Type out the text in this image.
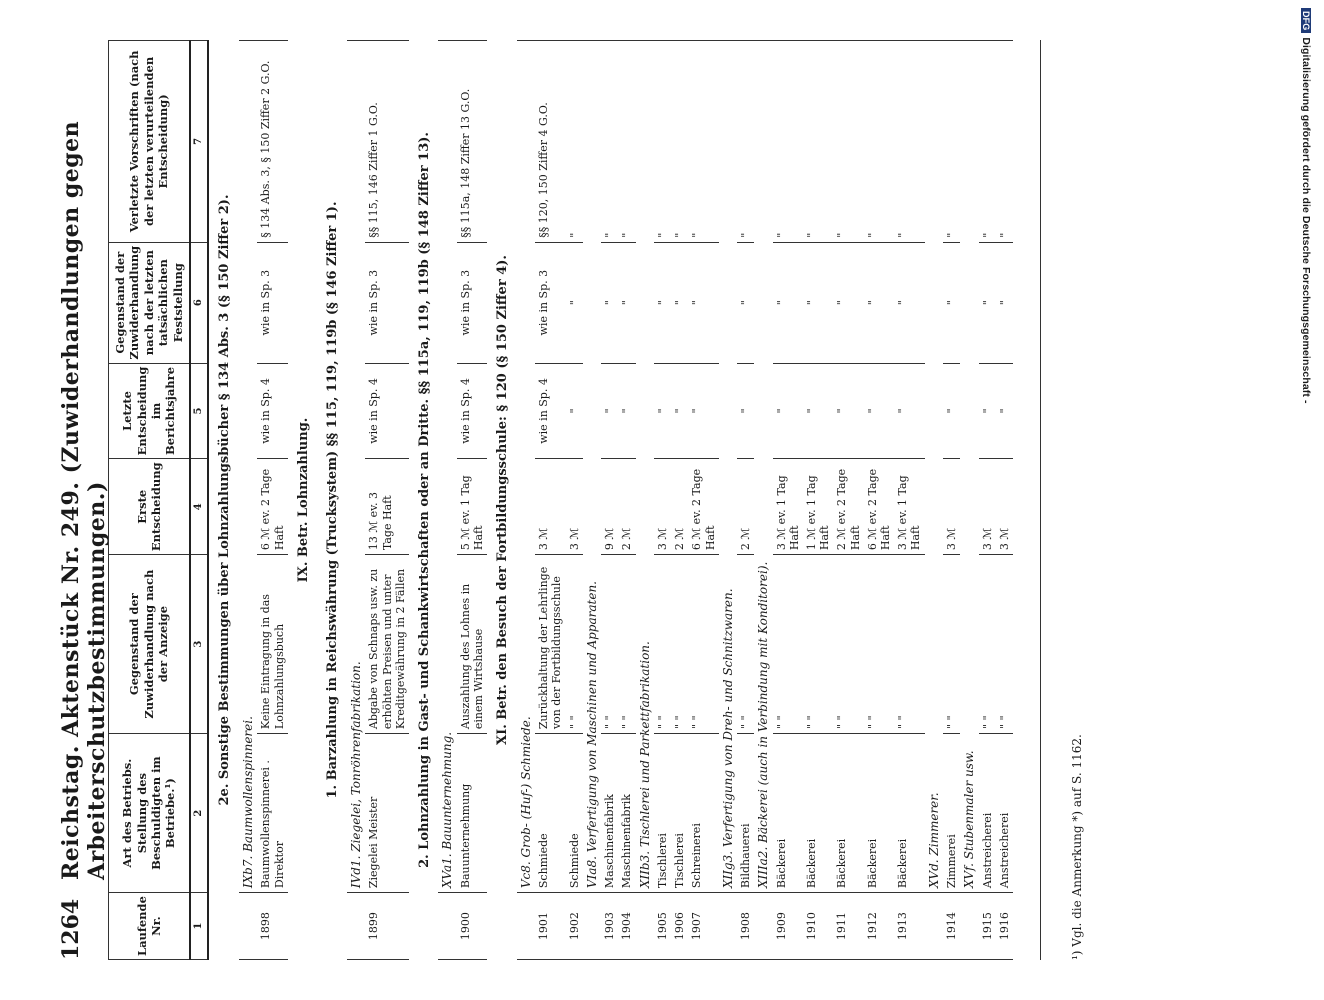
DFGDigitalisierung gefördert durch die Deutsche Forschungsgemeinschaft -
1264
Reichstag. Aktenstück Nr. 249. (Zuwiderhandlungen gegen Arbeiterschutzbestimmungen.)
Laufende Nr.	Art des Betriebs. Stellung des Beschuldigten im Betriebe.¹)	Gegenstand der Zuwiderhandlung nach der Anzeige	Erste Entscheidung	Letzte Entscheidung im Berichtsjahre	Gegenstand der Zuwiderhandlung nach der letzten tatsächlichen Feststellung	Verletzte Vorschriften (nach der letzten verurteilenden Entscheidung)
1	2	3	4	5	6	7
2e. Sonstige Bestimmungen über Lohnzahlungsbücher § 134 Abs. 3 (§ 150 Ziffer 2).						
	IXb7. Baumwollenspinnerei.					
1898	Baumwollenspinnerei . Direktor	Keine Eintragung in das Lohnzahlungsbuch	6 ℳ ev. 2 Tage Haft	wie in Sp. 4	wie in Sp. 3	§ 134 Abs. 3, § 150 Ziffer 2 G.O.
IX. Betr. Lohnzahlung.						
1. Barzahlung in Reichswährung (Trucksystem) §§ 115, 119, 119b (§ 146 Ziffer 1).						
	IVd1. Ziegelei, Tonröhrenfabrikation.					
1899	Ziegelei Meister	Abgabe von Schnaps usw. zu erhöhten Preisen und unter Kreditgewährung in 2 Fällen	13 ℳ ev. 3 Tage Haft	wie in Sp. 4	wie in Sp. 3	§§ 115, 146 Ziffer 1 G.O.
2. Lohnzahlung in Gast- und Schankwirtschaften oder an Dritte. §§ 115a, 119, 119b (§ 148 Ziffer 13).						
	XVa1. Bauunternehmung.					
1900	Bauunternehmung	Auszahlung des Lohnes in einem Wirtshause	5 ℳ ev. 1 Tag Haft	wie in Sp. 4	wie in Sp. 3	§§ 115a, 148 Ziffer 13 G.O.
XI. Betr. den Besuch der Fortbildungsschule: § 120 (§ 150 Ziffer 4).						
	Vc8. Grob- (Huf-) Schmiede.					
1901	Schmiede	Zurückhaltung der Lehrlinge von der Fortbildungsschule	3 ℳ	wie in Sp. 4	wie in Sp. 3	§§ 120, 150 Ziffer 4 G.O.
1902	Schmiede	" "	3 ℳ	"	"	"
	VIa8. Verfertigung von Maschinen und Apparaten.					
1903	Maschinenfabrik	" "	9 ℳ	"	"	"
1904	Maschinenfabrik	" "	2 ℳ	"	"	"
	XIIb3. Tischlerei und Parkettfabrikation.					
1905	Tischlerei	" "	3 ℳ	"	"	"
1906	Tischlerei	" "	2 ℳ	"	"	"
1907	Schreinerei	" "	6 ℳ ev. 2 Tage Haft	"	"	"
	XIIg3. Verfertigung von Dreh- und Schnitzwaren.					
1908	Bildhauerei	" "	2 ℳ	"	"	"
	XIIIa2. Bäckerei (auch in Verbindung mit Konditorei).					
1909	Bäckerei	" "	3 ℳ ev. 1 Tag Haft	"	"	"
1910	Bäckerei	" "	1 ℳ ev. 1 Tag Haft	"	"	"
1911	Bäckerei	" "	2 ℳ ev. 2 Tage Haft	"	"	"
1912	Bäckerei	" "	6 ℳ ev. 2 Tage Haft	"	"	"
1913	Bäckerei	" "	3 ℳ ev. 1 Tag Haft	"	"	"
	XVd. Zimmerer.					
1914	Zimmerei	" "	3 ℳ	"	"	"
	XVf. Stubenmaler usw.					
1915	Anstreicherei	" "	3 ℳ	"	"	"
1916	Anstreicherei	" "	3 ℳ	"	"	"
¹) Vgl. die Anmerkung *) auf S. 1162.
